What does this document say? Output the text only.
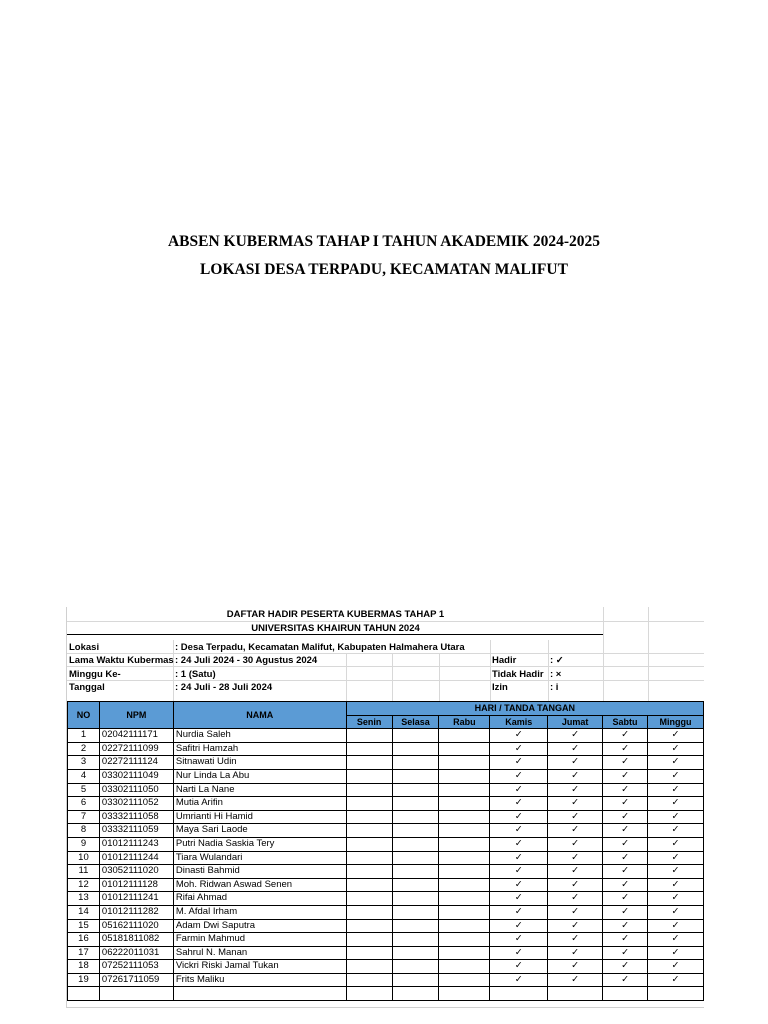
ABSEN KUBERMAS TAHAP I TAHUN AKADEMIK 2024-2025
LOKASI DESA TERPADU, KECAMATAN MALIFUT
DAFTAR HADIR PESERTA KUBERMAS TAHAP 1
UNIVERSITAS KHAIRUN TAHUN 2024
Lokasi	: Desa Terpadu, Kecamatan Malifut, Kabupaten Halmahera Utara
Lama Waktu Kubermas : 24 Juli 2024 - 30 Agustus 2024
Minggu Ke-	: 1 (Satu)
Tanggal	: 24 Juli - 28 Juli 2024
Hadir	: ✓
Tidak Hadir : ×
Izin	: i
NO	NPM	NAMA	HARI / TANDA TANGAN						
			Senin	Selasa	Rabu	Kamis	Jumat	Sabtu	Minggu
1	02042111171	Nurdia Saleh				✓	✓	✓	✓
2	02272111099	Safitri Hamzah				✓	✓	✓	✓
3	02272111124	Sitnawati Udin				✓	✓	✓	✓
4	03302111049	Nur Linda La Abu				✓	✓	✓	✓
5	03302111050	Narti La Nane				✓	✓	✓	✓
6	03302111052	Mutia Arifin				✓	✓	✓	✓
7	03332111058	Umrianti Hi Hamid				✓	✓	✓	✓
8	03332111059	Maya Sari Laode				✓	✓	✓	✓
9	01012111243	Putri Nadia Saskia Tery				✓	✓	✓	✓
10	01012111244	Tiara Wulandari				✓	✓	✓	✓
11	03052111020	Dinasti Bahmid				✓	✓	✓	✓
12	01012111128	Moh. Ridwan Aswad Senen				✓	✓	✓	✓
13	01012111241	Rifai Ahmad				✓	✓	✓	✓
14	01012111282	M. Afdal Irham				✓	✓	✓	✓
15	05162111020	Adam Dwi Saputra				✓	✓	✓	✓
16	05181811082	Farmin Mahmud				✓	✓	✓	✓
17	06222011031	Sahrul N. Manan				✓	✓	✓	✓
18	07252111053	Vickri Riski Jamal Tukan				✓	✓	✓	✓
19	07261711059	Frits Maliku				✓	✓	✓	✓
